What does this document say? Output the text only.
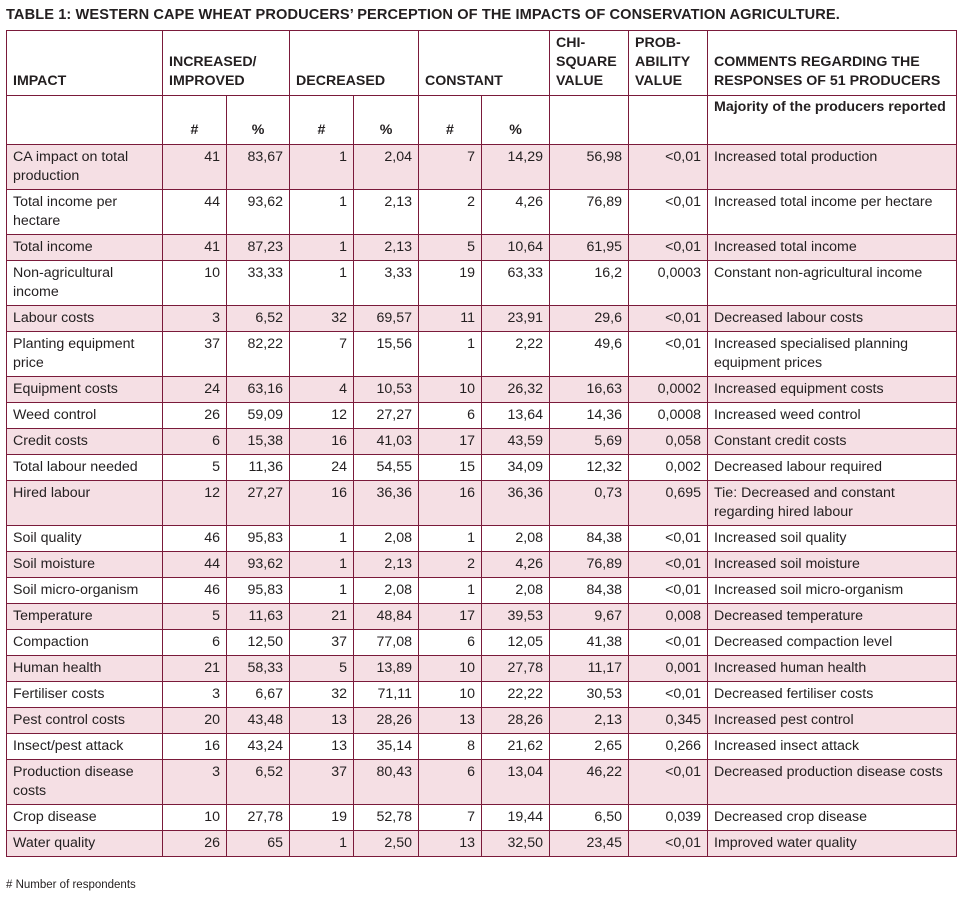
TABLE 1: WESTERN CAPE WHEAT PRODUCERS’ PERCEPTION OF THE IMPACTS OF CONSERVATION AGRICULTURE.
IMPACT	INCREASED/ IMPROVED		DECREASED		CONSTANT		CHI-SQUARE VALUE	PROB-ABILITY VALUE	COMMENTS REGARDING THE RESPONSES OF 51 PRODUCERS
	#	%	#	%	#	%			Majority of the producers reported
CA impact on total production	41	83,67	1	2,04	7	14,29	56,98	<0,01	Increased total production
Total income per hectare	44	93,62	1	2,13	2	4,26	76,89	<0,01	Increased total income per hectare
Total income	41	87,23	1	2,13	5	10,64	61,95	<0,01	Increased total income
Non-agricultural income	10	33,33	1	3,33	19	63,33	16,2	0,0003	Constant non-agricultural income
Labour costs	3	6,52	32	69,57	11	23,91	29,6	<0,01	Decreased labour costs
Planting equipment price	37	82,22	7	15,56	1	2,22	49,6	<0,01	Increased specialised planning equipment prices
Equipment costs	24	63,16	4	10,53	10	26,32	16,63	0,0002	Increased equipment costs
Weed control	26	59,09	12	27,27	6	13,64	14,36	0,0008	Increased weed control
Credit costs	6	15,38	16	41,03	17	43,59	5,69	0,058	Constant credit costs
Total labour needed	5	11,36	24	54,55	15	34,09	12,32	0,002	Decreased labour required
Hired labour	12	27,27	16	36,36	16	36,36	0,73	0,695	Tie: Decreased and constant regarding hired labour
Soil quality	46	95,83	1	2,08	1	2,08	84,38	<0,01	Increased soil quality
Soil moisture	44	93,62	1	2,13	2	4,26	76,89	<0,01	Increased soil moisture
Soil micro-organism	46	95,83	1	2,08	1	2,08	84,38	<0,01	Increased soil micro-organism
Temperature	5	11,63	21	48,84	17	39,53	9,67	0,008	Decreased temperature
Compaction	6	12,50	37	77,08	6	12,05	41,38	<0,01	Decreased compaction level
Human health	21	58,33	5	13,89	10	27,78	11,17	0,001	Increased human health
Fertiliser costs	3	6,67	32	71,11	10	22,22	30,53	<0,01	Decreased fertiliser costs
Pest control costs	20	43,48	13	28,26	13	28,26	2,13	0,345	Increased pest control
Insect/pest attack	16	43,24	13	35,14	8	21,62	2,65	0,266	Increased insect attack
Production disease costs	3	6,52	37	80,43	6	13,04	46,22	<0,01	Decreased production disease costs
Crop disease	10	27,78	19	52,78	7	19,44	6,50	0,039	Decreased crop disease
Water quality	26	65	1	2,50	13	32,50	23,45	<0,01	Improved water quality
# Number of respondents
